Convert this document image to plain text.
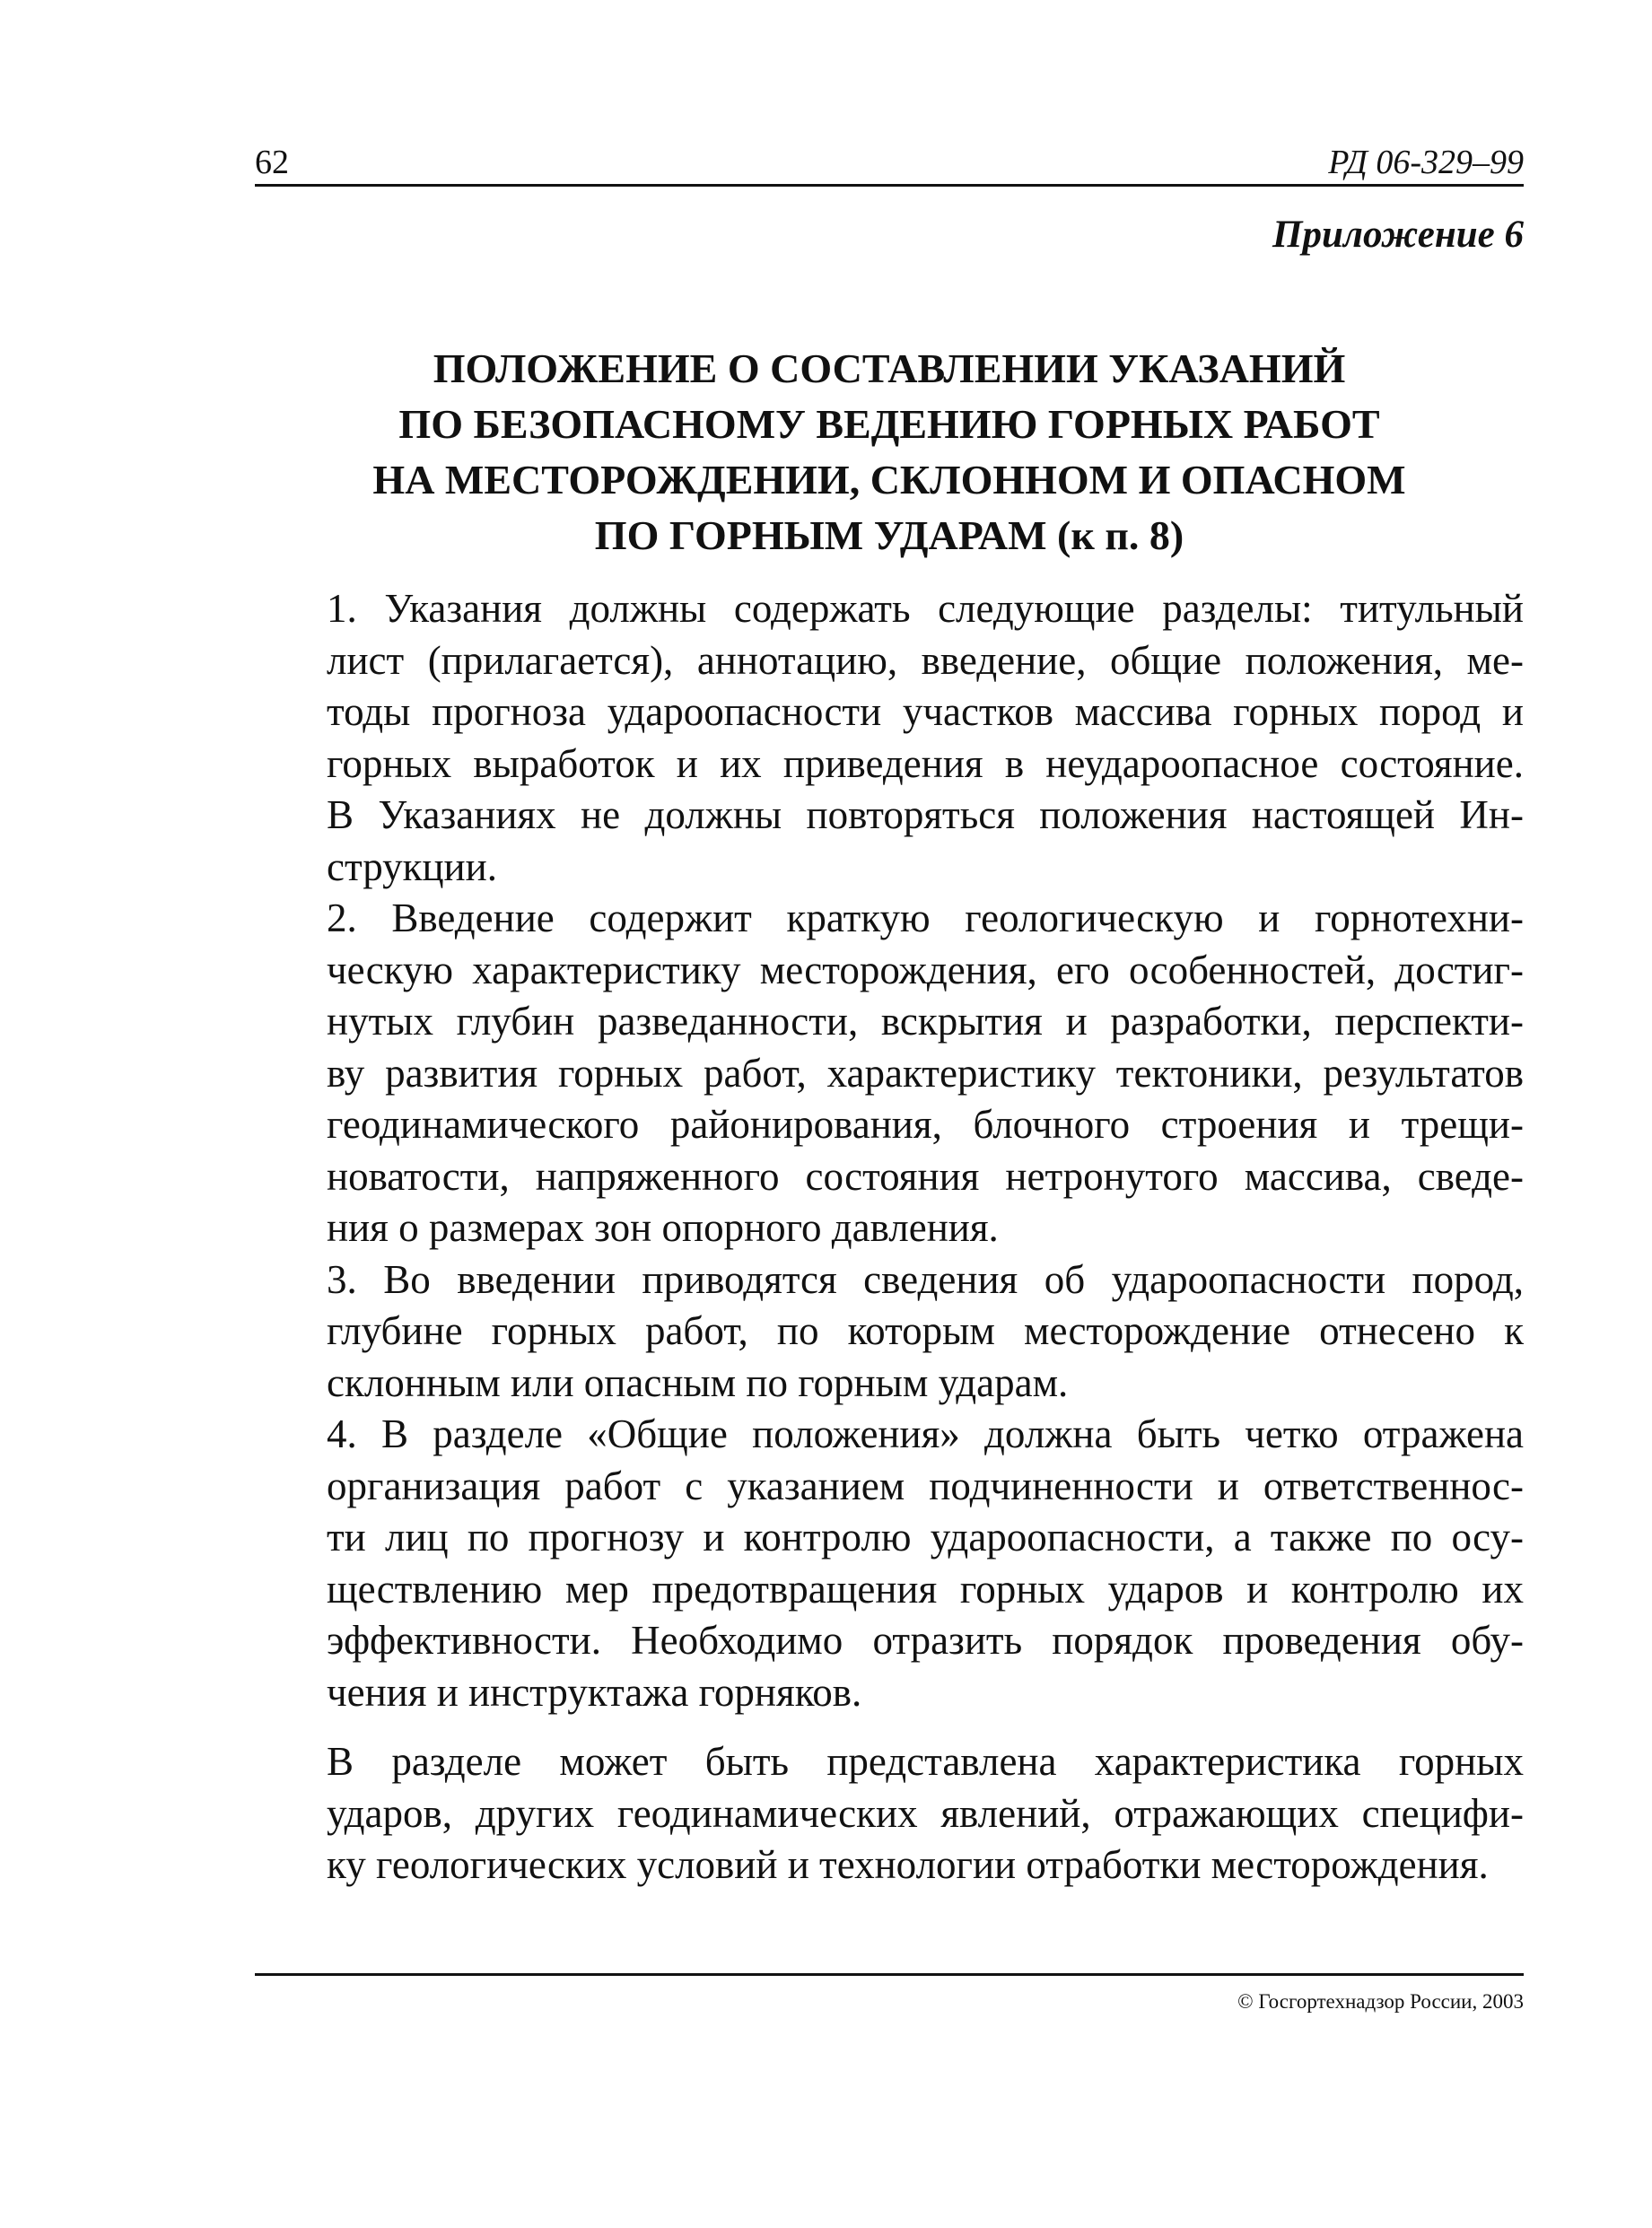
62	РД 06-329–99
Приложение 6
ПОЛОЖЕНИЕ О СОСТАВЛЕНИИ УКАЗАНИЙ
ПО БЕЗОПАСНОМУ ВЕДЕНИЮ ГОРНЫХ РАБОТ
НА МЕСТОРОЖДЕНИИ, СКЛОННОМ И ОПАСНОМ
ПО ГОРНЫМ УДАРАМ (к п. 8)
1. Указания должны содержать следующие разделы: титульный
лист (прилагается), аннотацию, введение, общие положения, ме-
тоды прогноза удароопасности участков массива горных пород и
горных выработок и их приведения в неудароопасное состояние.
В Указаниях не должны повторяться положения настоящей Ин-
струкции.
2. Введение содержит краткую геологическую и горнотехни-
ческую характеристику месторождения, его особенностей, достиг-
нутых глубин разведанности, вскрытия и разработки, перспекти-
ву развития горных работ, характеристику тектоники, результатов
геодинамического районирования, блочного строения и трещи-
новатости, напряженного состояния нетронутого массива, сведе-
ния о размерах зон опорного давления.
3. Во введении приводятся сведения об удароопасности пород,
глубине горных работ, по которым месторождение отнесено к
склонным или опасным по горным ударам.
4. В разделе «Общие положения» должна быть четко отражена
организация работ с указанием подчиненности и ответственнос-
ти лиц по прогнозу и контролю удароопасности, а также по осу-
ществлению мер предотвращения горных ударов и контролю их
эффективности. Необходимо отразить порядок проведения обу-
чения и инструктажа горняков.
В разделе может быть представлена характеристика горных
ударов, других геодинамических явлений, отражающих специфи-
ку геологических условий и технологии отработки месторождения.
© Госгортехнадзор России, 2003
